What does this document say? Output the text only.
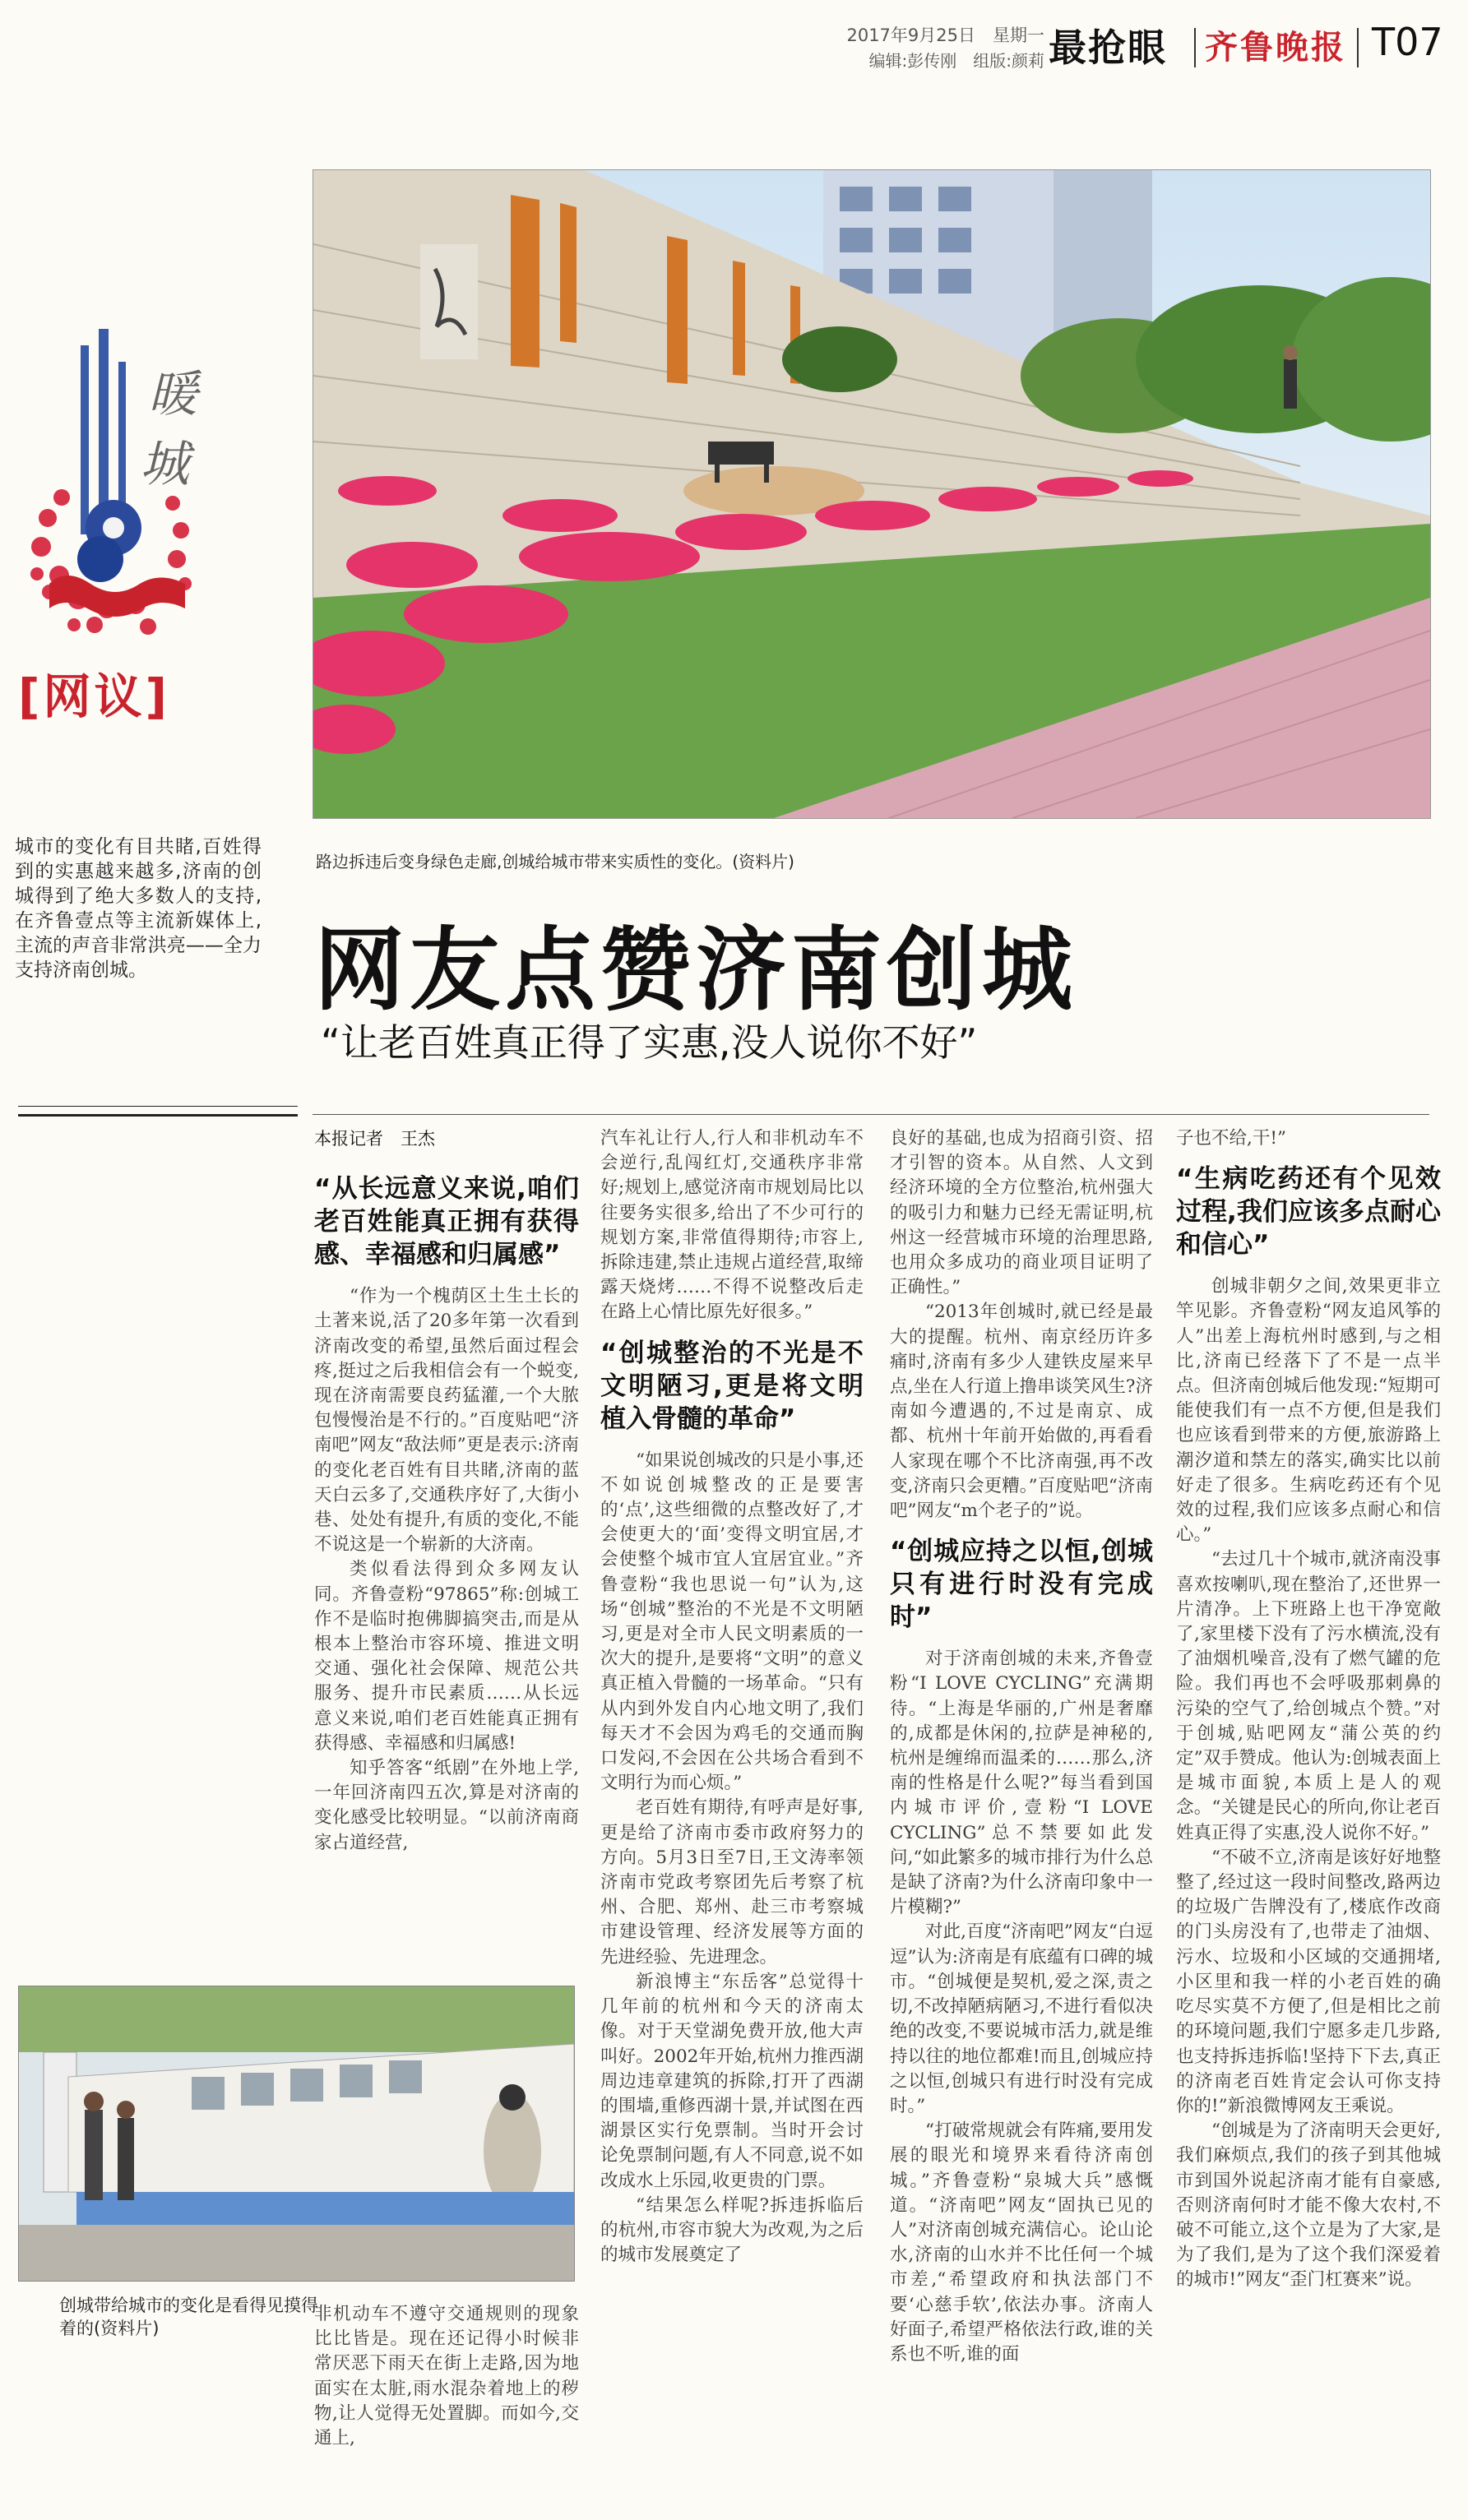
2017年9月25日　星期一
编辑:彭传刚　组版:颜莉 最抢眼 齐鲁晚报 T07
暖
城
[网议]
城市的变化有目共睹,百姓得到的实惠越来越多,济南的创城得到了绝大多数人的支持,在齐鲁壹点等主流新媒体上,主流的声音非常洪亮——全力支持济南创城。
路边拆违后变身绿色走廊,创城给城市带来实质性的变化。(资料片)
网友点赞济南创城
“让老百姓真正得了实惠,没人说你不好”
本报记者　王杰
“从长远意义来说,咱们老百姓能真正拥有获得感、幸福感和归属感”

“作为一个槐荫区土生土长的土著来说,活了20多年第一次看到济南改变的希望,虽然后面过程会疼,挺过之后我相信会有一个蜕变,现在济南需要良药猛灌,一个大脓包慢慢治是不行的。”百度贴吧“济南吧”网友“敌法师”更是表示:济南的变化老百姓有目共睹,济南的蓝天白云多了,交通秩序好了,大街小巷、处处有提升,有质的变化,不能不说这是一个崭新的大济南。

类似看法得到众多网友认同。齐鲁壹粉“97865”称:创城工作不是临时抱佛脚搞突击,而是从根本上整治市容环境、推进文明交通、强化社会保障、规范公共服务、提升市民素质……从长远意义来说,咱们老百姓能真正拥有获得感、幸福感和归属感!

知乎答客“纸剧”在外地上学,一年回济南四五次,算是对济南的变化感受比较明显。“以前济南商家占道经营,

创城带给城市的变化是看得见摸得着的(资料片)

非机动车不遵守交通规则的现象比比皆是。现在还记得小时候非常厌恶下雨天在街上走路,因为地面实在太脏,雨水混杂着地上的秽物,让人觉得无处置脚。而如今,交通上,

汽车礼让行人,行人和非机动车不会逆行,乱闯红灯,交通秩序非常好;规划上,感觉济南市规划局比以往要务实很多,给出了不少可行的规划方案,非常值得期待;市容上,拆除违建,禁止违规占道经营,取缔露天烧烤……不得不说整改后走在路上心情比原先好很多。”

“创城整治的不光是不文明陋习,更是将文明植入骨髓的革命”

“如果说创城改的只是小事,还不如说创城整改的正是要害的‘点’,这些细微的点整改好了,才会使更大的‘面’变得文明宜居,才会使整个城市宜人宜居宜业。”齐鲁壹粉“我也思说一句”认为,这场“创城”整治的不光是不文明陋习,更是对全市人民文明素质的一次大的提升,是要将“文明”的意义真正植入骨髓的一场革命。“只有从内到外发自内心地文明了,我们每天才不会因为鸡毛的交通而胸口发闷,不会因在公共场合看到不文明行为而心烦。”

老百姓有期待,有呼声是好事,更是给了济南市委市政府努力的方向。5月3日至7日,王文涛率领济南市党政考察团先后考察了杭州、合肥、郑州、赴三市考察城市建设管理、经济发展等方面的先进经验、先进理念。

新浪博主“东岳客”总觉得十几年前的杭州和今天的济南太像。对于天堂湖免费开放,他大声叫好。2002年开始,杭州力推西湖周边违章建筑的拆除,打开了西湖的围墙,重修西湖十景,并试图在西湖景区实行免票制。当时开会讨论免票制问题,有人不同意,说不如改成水上乐园,收更贵的门票。

“结果怎么样呢?拆违拆临后的杭州,市容市貌大为改观,为之后的城市发展奠定了

良好的基础,也成为招商引资、招才引智的资本。从自然、人文到经济环境的全方位整治,杭州强大的吸引力和魅力已经无需证明,杭州这一经营城市环境的治理思路,也用众多成功的商业项目证明了正确性。”

“2013年创城时,就已经是最大的提醒。杭州、南京经历许多痛时,济南有多少人建铁皮屋来早点,坐在人行道上撸串谈笑风生?济南如今遭遇的,不过是南京、成都、杭州十年前开始做的,再看看人家现在哪个不比济南强,再不改变,济南只会更糟。”百度贴吧“济南吧”网友“m个老子的”说。

“创城应持之以恒,创城只有进行时没有完成时”

对于济南创城的未来,齐鲁壹粉“I LOVE CYCLING”充满期待。“上海是华丽的,广州是奢靡的,成都是休闲的,拉萨是神秘的,杭州是缠绵而温柔的……那么,济南的性格是什么呢?”每当看到国内城市评价,壹粉“I LOVE CYCLING”总不禁要如此发问,“如此繁多的城市排行为什么总是缺了济南?为什么济南印象中一片模糊?”

对此,百度“济南吧”网友“白逗逗”认为:济南是有底蕴有口碑的城市。“创城便是契机,爱之深,责之切,不改掉陋病陋习,不进行看似决绝的改变,不要说城市活力,就是维持以往的地位都难!而且,创城应持之以恒,创城只有进行时没有完成时。”

“打破常规就会有阵痛,要用发展的眼光和境界来看待济南创城。”齐鲁壹粉“泉城大兵”感慨道。“济南吧”网友“固执已见的人”对济南创城充满信心。论山论水,济南的山水并不比任何一个城市差,“希望政府和执法部门不要‘心慈手软’,依法办事。济南人好面子,希望严格依法行政,谁的关系也不听,谁的面

子也不给,干!”

“生病吃药还有个见效过程,我们应该多点耐心和信心”

创城非朝夕之间,效果更非立竿见影。齐鲁壹粉“网友追风筝的人”出差上海杭州时感到,与之相比,济南已经落下了不是一点半点。但济南创城后他发现:“短期可能使我们有一点不方便,但是我们也应该看到带来的方便,旅游路上潮汐道和禁左的落实,确实比以前好走了很多。生病吃药还有个见效的过程,我们应该多点耐心和信心。”

“去过几十个城市,就济南没事喜欢按喇叭,现在整治了,还世界一片清净。上下班路上也干净宽敞了,家里楼下没有了污水横流,没有了油烟机噪音,没有了燃气罐的危险。我们再也不会呼吸那刺鼻的污染的空气了,给创城点个赞。”对于创城,贴吧网友“蒲公英的约定”双手赞成。他认为:创城表面上是城市面貌,本质上是人的观念。“关键是民心的所向,你让老百姓真正得了实惠,没人说你不好。”

“不破不立,济南是该好好地整整了,经过这一段时间整改,路两边的垃圾广告牌没有了,楼底作改商的门头房没有了,也带走了油烟、污水、垃圾和小区域的交通拥堵,小区里和我一样的小老百姓的确吃尽实莫不方便了,但是相比之前的环境问题,我们宁愿多走几步路,也支持拆违拆临!坚持下下去,真正的济南老百姓肯定会认可你支持你的!”新浪微博网友王乘说。

“创城是为了济南明天会更好,我们麻烦点,我们的孩子到其他城市到国外说起济南才能有自豪感,否则济南何时才能不像大农村,不破不可能立,这个立是为了大家,是为了我们,是为了这个我们深爱着的城市!”网友“歪门杠赛来”说。
